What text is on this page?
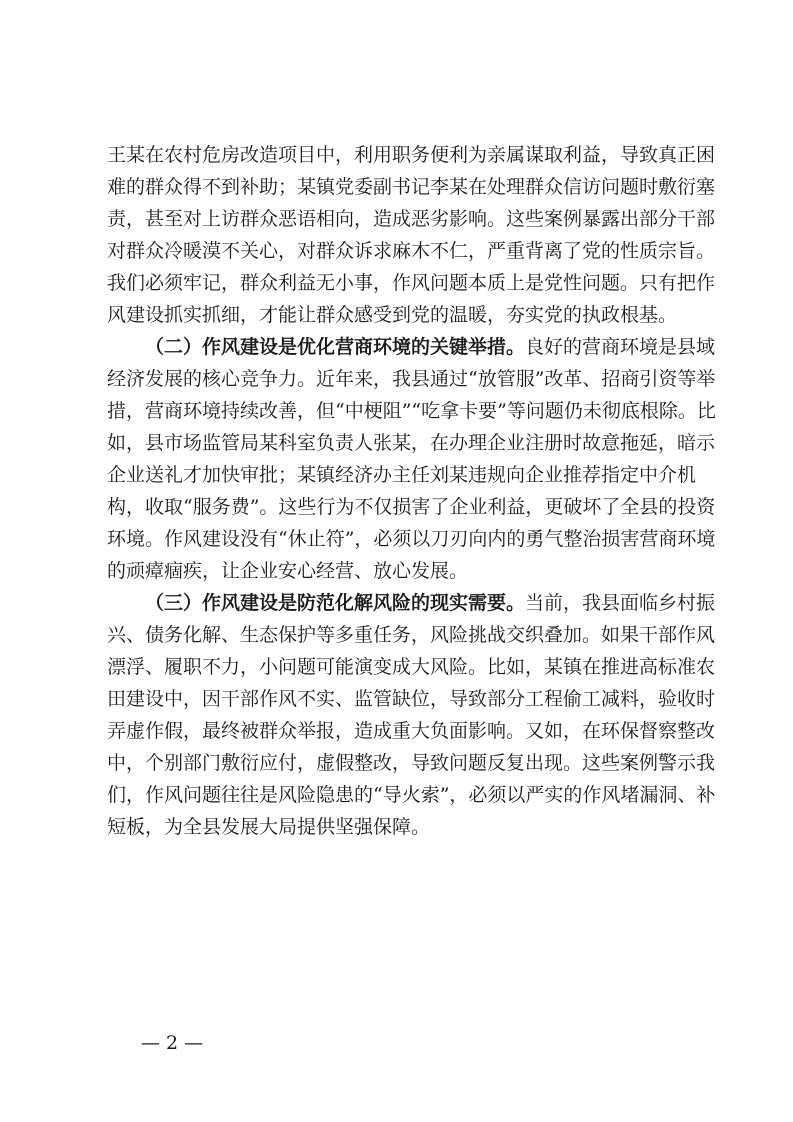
王某在农村危房改造项目中，利用职务便利为亲属谋取利益，导致真正困
难的群众得不到补助；某镇党委副书记李某在处理群众信访问题时敷衍塞
责，甚至对上访群众恶语相向，造成恶劣影响。这些案例暴露出部分干部
对群众冷暖漠不关心，对群众诉求麻木不仁，严重背离了党的性质宗旨。
我们必须牢记，群众利益无小事，作风问题本质上是党性问题。只有把作
风建设抓实抓细，才能让群众感受到党的温暖，夯实党的执政根基。
（二）作风建设是优化营商环境的关键举措。良好的营商环境是县域
经济发展的核心竞争力。近年来，我县通过“放管服”改革、招商引资等举
措，营商环境持续改善，但“中梗阻”“吃拿卡要”等问题仍未彻底根除。比
如，县市场监管局某科室负责人张某，在办理企业注册时故意拖延，暗示
企业送礼才加快审批；某镇经济办主任刘某违规向企业推荐指定中介机
构，收取“服务费”。这些行为不仅损害了企业利益，更破坏了全县的投资
环境。作风建设没有“休止符”，必须以刀刃向内的勇气整治损害营商环境
的顽瘴痼疾，让企业安心经营、放心发展。
（三）作风建设是防范化解风险的现实需要。当前，我县面临乡村振
兴、债务化解、生态保护等多重任务，风险挑战交织叠加。如果干部作风
漂浮、履职不力，小问题可能演变成大风险。比如，某镇在推进高标准农
田建设中，因干部作风不实、监管缺位，导致部分工程偷工减料，验收时
弄虚作假，最终被群众举报，造成重大负面影响。又如，在环保督察整改
中，个别部门敷衍应付，虚假整改，导致问题反复出现。这些案例警示我
们，作风问题往往是风险隐患的“导火索”，必须以严实的作风堵漏洞、补
短板，为全县发展大局提供坚强保障。
— 2 —
